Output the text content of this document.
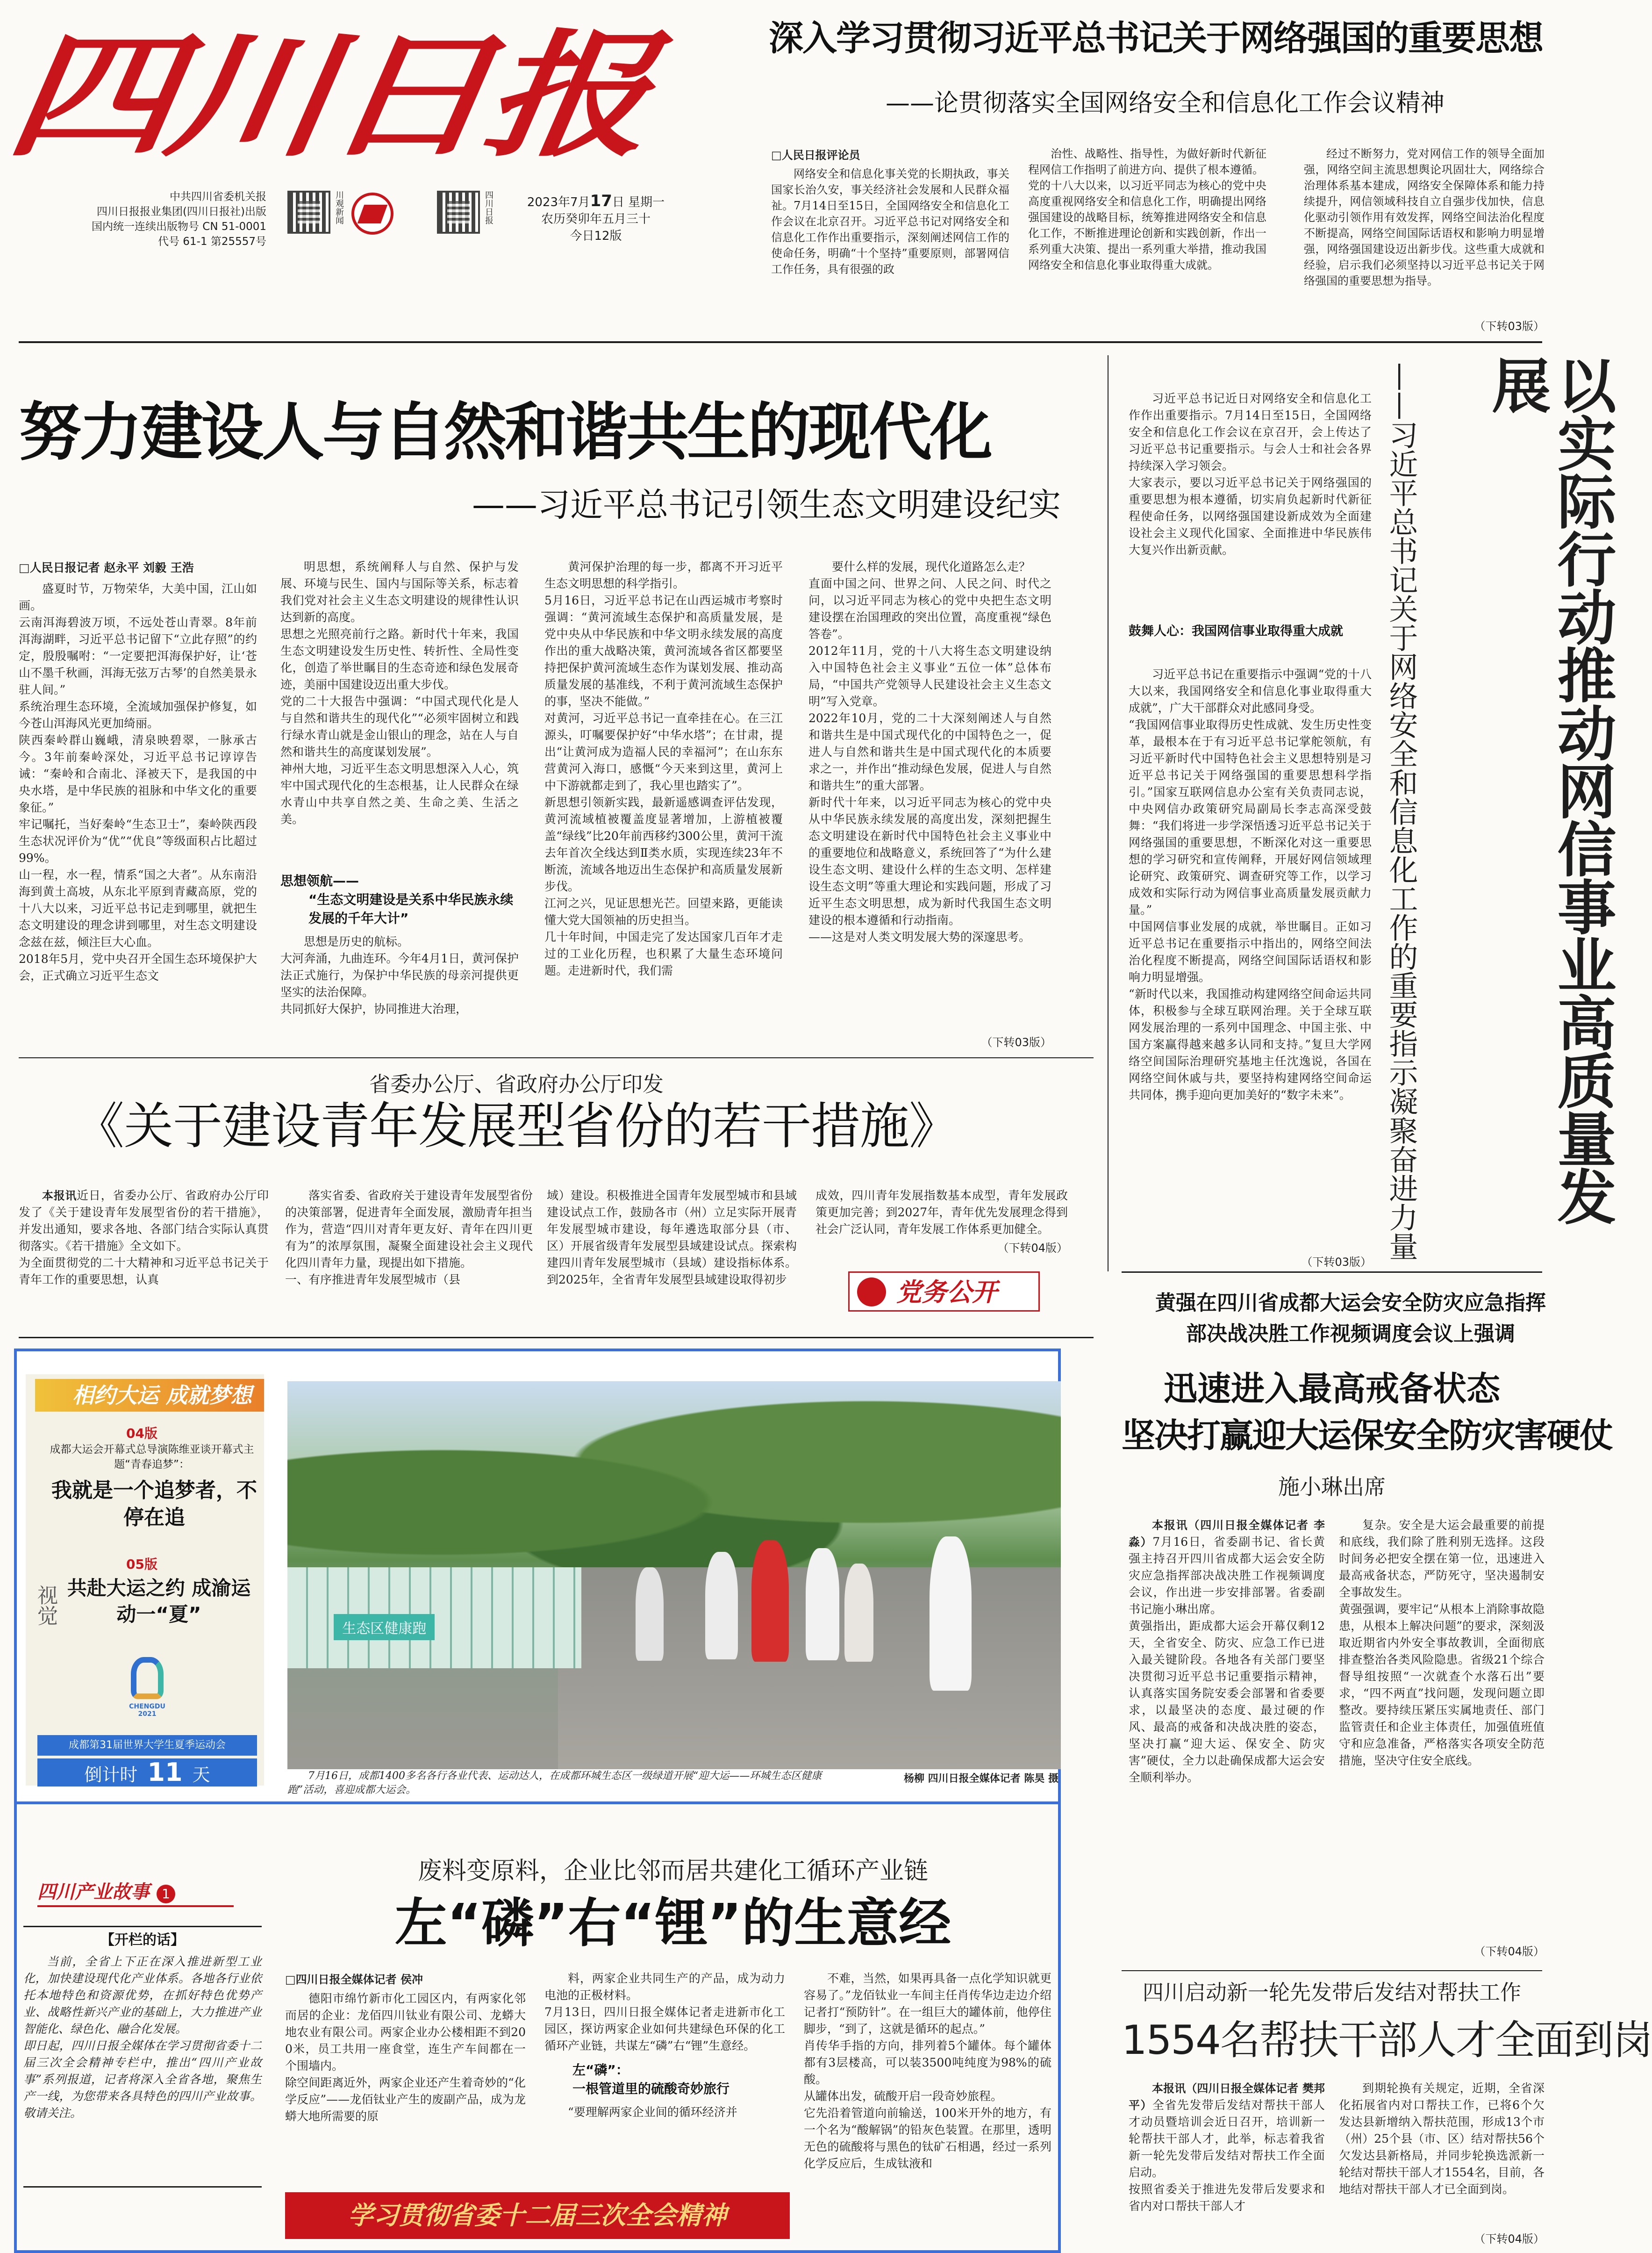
四川日报
中共四川省委机关报
四川日报报业集团(四川日报社)出版
国内统一连续出版物号 CN 51-0001
代号 61-1 第25557号
川观新闻	四川日报	2023年7月17日 星期一
农历癸卯年五月三十
今日12版
深入学习贯彻习近平总书记关于网络强国的重要思想
——论贯彻落实全国网络安全和信息化工作会议精神
□人民日报评论员
网络安全和信息化事关党的长期执政，事关国家长治久安，事关经济社会发展和人民群众福祉。7月14日至15日，全国网络安全和信息化工作会议在北京召开。习近平总书记对网络安全和信息化工作作出重要指示，深刻阐述网信工作的使命任务，明确“十个坚持”重要原则，部署网信工作任务，具有很强的政
治性、战略性、指导性，为做好新时代新征程网信工作指明了前进方向、提供了根本遵循。
党的十八大以来，以习近平同志为核心的党中央高度重视网络安全和信息化工作，明确提出网络强国建设的战略目标，统筹推进网络安全和信息化工作，不断推进理论创新和实践创新，作出一系列重大决策、提出一系列重大举措，推动我国网络安全和信息化事业取得重大成就。
经过不断努力，党对网信工作的领导全面加强，网络空间主流思想舆论巩固壮大，网络综合治理体系基本建成，网络安全保障体系和能力持续提升，网信领域科技自立自强步伐加快，信息化驱动引领作用有效发挥，网络空间法治化程度不断提高，网络空间国际话语权和影响力明显增强，网络强国建设迈出新步伐。这些重大成就和经验，启示我们必须坚持以习近平总书记关于网络强国的重要思想为指导。
（下转03版）
努力建设人与自然和谐共生的现代化
——习近平总书记引领生态文明建设纪实
□人民日报记者 赵永平 刘毅 王浩
盛夏时节，万物荣华，大美中国，江山如画。
云南洱海碧波万顷，不远处苍山青翠。8年前洱海湖畔，习近平总书记留下“立此存照”的约定，殷殷嘱咐：“一定要把洱海保护好，让‘苍山不墨千秋画，洱海无弦万古琴’的自然美景永驻人间。”
系统治理生态环境，全流域加强保护修复，如今苍山洱海风光更加绮丽。
陕西秦岭群山巍峨，清泉映碧翠，一脉承古今。3年前秦岭深处，习近平总书记谆谆告诫：“秦岭和合南北、泽被天下，是我国的中央水塔，是中华民族的祖脉和中华文化的重要象征。”
牢记嘱托，当好秦岭“生态卫士”，秦岭陕西段生态状况评价为“优”“优良”等级面积占比超过99%。
山一程，水一程，情系“国之大者”。从东南沿海到黄土高坡，从东北平原到青藏高原，党的十八大以来，习近平总书记走到哪里，就把生态文明建设的理念讲到哪里，对生态文明建设念兹在兹，倾注巨大心血。
2018年5月，党中央召开全国生态环境保护大会，正式确立习近平生态文
明思想，系统阐释人与自然、保护与发展、环境与民生、国内与国际等关系，标志着我们党对社会主义生态文明建设的规律性认识达到新的高度。
思想之光照亮前行之路。新时代十年来，我国生态文明建设发生历史性、转折性、全局性变化，创造了举世瞩目的生态奇迹和绿色发展奇迹，美丽中国建设迈出重大步伐。
党的二十大报告中强调：“中国式现代化是人与自然和谐共生的现代化”“必须牢固树立和践行绿水青山就是金山银山的理念，站在人与自然和谐共生的高度谋划发展”。
神州大地，习近平生态文明思想深入人心，筑牢中国式现代化的生态根基，让人民群众在绿水青山中共享自然之美、生命之美、生活之美。
思想领航——
“生态文明建设是关系中华民族永续发展的千年大计”
思想是历史的航标。
大河奔涌，九曲连环。今年4月1日，黄河保护法正式施行，为保护中华民族的母亲河提供更坚实的法治保障。
共同抓好大保护，协同推进大治理，
黄河保护治理的每一步，都离不开习近平生态文明思想的科学指引。
5月16日，习近平总书记在山西运城市考察时强调：“黄河流域生态保护和高质量发展，是党中央从中华民族和中华文明永续发展的高度作出的重大战略决策，黄河流域各省区都要坚持把保护黄河流域生态作为谋划发展、推动高质量发展的基准线，不利于黄河流域生态保护的事，坚决不能做。”
对黄河，习近平总书记一直牵挂在心。在三江源头，叮嘱要保护好“中华水塔”；在甘肃，提出“让黄河成为造福人民的幸福河”；在山东东营黄河入海口，感慨“今天来到这里，黄河上中下游就都走到了，我心里也踏实了”。
新思想引领新实践，最新遥感调查评估发现，黄河流域植被覆盖度显著增加，上游植被覆盖“绿线”比20年前西移约300公里，黄河干流去年首次全线达到Ⅱ类水质，实现连续23年不断流，流域各地迈出生态保护和高质量发展新步伐。
江河之兴，见证思想光芒。回望来路，更能读懂大党大国领袖的历史担当。
几十年时间，中国走完了发达国家几百年才走过的工业化历程，也积累了大量生态环境问题。走进新时代，我们需
要什么样的发展，现代化道路怎么走？
直面中国之问、世界之问、人民之问、时代之问，以习近平同志为核心的党中央把生态文明建设摆在治国理政的突出位置，高度重视“绿色答卷”。
2012年11月，党的十八大将生态文明建设纳入中国特色社会主义事业“五位一体”总体布局，“中国共产党领导人民建设社会主义生态文明”写入党章。
2022年10月，党的二十大深刻阐述人与自然和谐共生是中国式现代化的中国特色之一，促进人与自然和谐共生是中国式现代化的本质要求之一，并作出“推动绿色发展，促进人与自然和谐共生”的重大部署。
新时代十年来，以习近平同志为核心的党中央从中华民族永续发展的高度出发，深刻把握生态文明建设在新时代中国特色社会主义事业中的重要地位和战略意义，系统回答了“为什么建设生态文明、建设什么样的生态文明、怎样建设生态文明”等重大理论和实践问题，形成了习近平生态文明思想，成为新时代我国生态文明建设的根本遵循和行动指南。
——这是对人类文明发展大势的深邃思考。
（下转03版）	以实际行动推动网信事业高质量发展
——习近平总书记关于网络安全和信息化工作的重要指示凝聚奋进力量
习近平总书记近日对网络安全和信息化工作作出重要指示。7月14日至15日，全国网络安全和信息化工作会议在京召开，会上传达了习近平总书记重要指示。与会人士和社会各界持续深入学习领会。
大家表示，要以习近平总书记关于网络强国的重要思想为根本遵循，切实肩负起新时代新征程使命任务，以网络强国建设新成效为全面建设社会主义现代化国家、全面推进中华民族伟大复兴作出新贡献。
鼓舞人心：我国网信事业取得重大成就
习近平总书记在重要指示中强调“党的十八大以来，我国网络安全和信息化事业取得重大成就”，广大干部群众对此感同身受。
“我国网信事业取得历史性成就、发生历史性变革，最根本在于有习近平总书记掌舵领航，有习近平新时代中国特色社会主义思想特别是习近平总书记关于网络强国的重要思想科学指引。”国家互联网信息办公室有关负责同志说，中央网信办政策研究局副局长李志高深受鼓舞：“我们将进一步学深悟透习近平总书记关于网络强国的重要思想，不断深化对这一重要思想的学习研究和宣传阐释，开展好网信领域理论研究、政策研究、调查研究等工作，以学习成效和实际行动为网信事业高质量发展贡献力量。”
中国网信事业发展的成就，举世瞩目。正如习近平总书记在重要指示中指出的，网络空间法治化程度不断提高，网络空间国际话语权和影响力明显增强。
“新时代以来，我国推动构建网络空间命运共同体，积极参与全球互联网治理。关于全球互联网发展治理的一系列中国理念、中国主张、中国方案赢得越来越多认同和支持。”复旦大学网络空间国际治理研究基地主任沈逸说，各国在网络空间休戚与共，要坚持构建网络空间命运共同体，携手迎向更加美好的“数字未来”。
（下转03版）
省委办公厅、省政府办公厅印发
《关于建设青年发展型省份的若干措施》
本报讯近日，省委办公厅、省政府办公厅印发了《关于建设青年发展型省份的若干措施》，并发出通知，要求各地、各部门结合实际认真贯彻落实。《若干措施》全文如下。
为全面贯彻党的二十大精神和习近平总书记关于青年工作的重要思想，认真
落实省委、省政府关于建设青年发展型省份的决策部署，促进青年全面发展，激励青年担当作为，营造“四川对青年更友好、青年在四川更有为”的浓厚氛围，凝聚全面建设社会主义现代化四川青年力量，现提出如下措施。
一、有序推进青年发展型城市（县
域）建设。积极推进全国青年发展型城市和县域建设试点工作，鼓励各市（州）立足实际开展青年发展型城市建设，每年遴选取部分县（市、区）开展省级青年发展型县域建设试点。探索构建四川青年发展型城市（县域）建设指标体系。到2025年，全省青年发展型县域建设取得初步
成效，四川青年发展指数基本成型，青年发展政策更加完善；到2027年，青年优先发展理念得到社会广泛认同，青年发展工作体系更加健全。
（下转04版）
党务公开	黄强在四川省成都大运会安全防灾应急指挥部决战决胜工作视频调度会议上强调
迅速进入最高戒备状态
坚决打赢迎大运保安全防灾害硬仗
施小琳出席
本报讯（四川日报全媒体记者 李淼）7月16日，省委副书记、省长黄强主持召开四川省成都大运会安全防灾应急指挥部决战决胜工作视频调度会议，作出进一步安排部署。省委副书记施小琳出席。
黄强指出，距成都大运会开幕仅剩12天，全省安全、防灾、应急工作已进入最关键阶段。各地各有关部门要坚决贯彻习近平总书记重要指示精神，认真落实国务院安委会部署和省委要求，以最坚决的态度、最过硬的作风、最高的戒备和决战决胜的姿态，坚决打赢“迎大运、保安全、防灾害”硬仗，全力以赴确保成都大运会安全顺利举办。
复杂。安全是大运会最重要的前提和底线，我们除了胜利别无选择。这段时间务必把安全摆在第一位，迅速进入最高戒备状态，严防死守，坚决遏制安全事故发生。
黄强强调，要牢记“从根本上消除事故隐患，从根本上解决问题”的要求，深刻汲取近期省内外安全事故教训，全面彻底排查整治各类风险隐患。省级21个综合督导组按照“一次就查个水落石出”要求，“四不两直”找问题，发现问题立即整改。要持续压紧压实属地责任、部门监管责任和企业主体责任，加强值班值守和应急准备，严格落实各项安全防范措施，坚决守住安全底线。
（下转04版）
四川启动新一轮先发带后发结对帮扶工作
1554名帮扶干部人才全面到岗
本报讯（四川日报全媒体记者 樊邦平）全省先发带后发结对帮扶干部人才动员暨培训会近日召开，培训新一轮帮扶干部人才，此举，标志着我省新一轮先发带后发结对帮扶工作全面启动。
按照省委关于推进先发带后发要求和省内对口帮扶干部人才
到期轮换有关规定，近期，全省深化拓展省内对口帮扶工作，已将6个欠发达县新增纳入帮扶范围，形成13个市（州）25个县（市、区）结对帮扶56个欠发达县新格局，并同步轮换选派新一轮结对帮扶干部人才1554名，目前，各地结对帮扶干部人才已全面到岗。
（下转04版）
相约大运 成就梦想
04版
成都大运会开幕式总导演陈维亚谈开幕式主题“青春追梦”：
我就是一个追梦者，不停在追
05版
共赴大运之约 成渝运动一“夏”
视觉
CHENGDU 2021
成都第31届世界大学生夏季运动会
倒计时 11 天
生态区健康跑
7月16日，成都1400多名各行各业代表、运动达人，在成都环城生态区一级绿道开展“迎大运——环城生态区健康跑”活动，喜迎成都大运会。
杨柳 四川日报全媒体记者 陈昊 摄
四川产业故事 1
【开栏的话】
当前，全省上下正在深入推进新型工业化，加快建设现代化产业体系。各地各行业依托本地特色和资源优势，在抓好特色优势产业、战略性新兴产业的基础上，大力推进产业智能化、绿色化、融合化发展。
即日起，四川日报全媒体在学习贯彻省委十二届三次全会精神专栏中，推出“四川产业故事”系列报道，记者将深入全省各地，聚焦生产一线，为您带来各具特色的四川产业故事。敬请关注。
废料变原料，企业比邻而居共建化工循环产业链
左“磷”右“锂”的生意经
□四川日报全媒体记者 侯冲
德阳市绵竹新市化工园区内，有两家化邻而居的企业：龙佰四川钛业有限公司、龙蟒大地农业有限公司。两家企业办公楼相距不到200米，员工共用一座食堂，连生产车间都在一个围墙内。
除空间距离近外，两家企业还产生着奇妙的“化学反应”——龙佰钛业产生的废副产品，成为龙蟒大地所需要的原
料，两家企业共同生产的产品，成为动力电池的正极材料。
7月13日，四川日报全媒体记者走进新市化工园区，探访两家企业如何共建绿色环保的化工循环产业链，共谋左“磷”右“锂”生意经。
左“磷”：
一根管道里的硫酸奇妙旅行
“要理解两家企业间的循环经济并
不难，当然，如果再具备一点化学知识就更容易了。”龙佰钛业一车间主任肖传华边走边介绍记者打“预防针”。在一组巨大的罐体前，他停住脚步，“到了，这就是循环的起点。”
肖传华手指的方向，排列着5个罐体。每个罐体都有3层楼高，可以装3500吨纯度为98%的硫酸。
从罐体出发，硫酸开启一段奇妙旅程。
它先沿着管道向前输送，100米开外的地方，有一个名为“酸解锅”的铅灰色装置。在那里，透明无色的硫酸将与黑色的钛矿石相遇，经过一系列化学反应后，生成钛液和
学习贯彻省委十二届三次全会精神
